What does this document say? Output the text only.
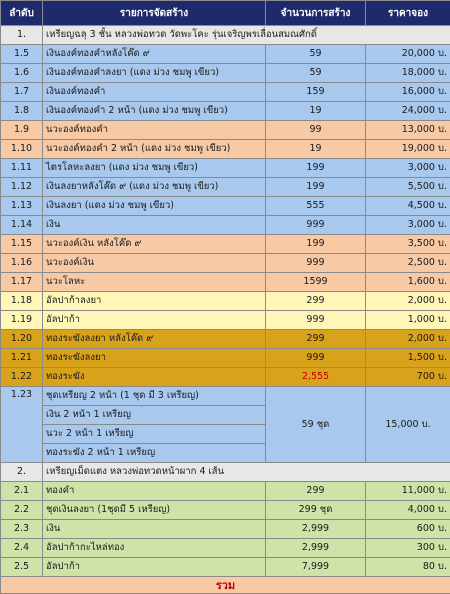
ลำดับ	รายการจัดสร้าง	จำนวนการสร้าง	ราคาจอง
1.	เหรียญฉลุ 3 ชั้น หลวงพ่อทวด วัดพะโคะ รุ่นเจริญพรเลื่อนสมณศักดิ์		
1.5	เงินองค์ทองคำหลังโค๊ด ๙	59	20,000 บ.
1.6	เงินองค์ทองคำลงยา (แดง ม่วง ชมพู เขียว)	59	18,000 บ.
1.7	เงินองค์ทองคำ	159	16,000 บ.
1.8	เงินองค์ทองคำ 2 หน้า (แดง ม่วง ชมพู เขียว)	19	24,000 บ.
1.9	นวะองค์ทองคำ	99	13,000 บ.
1.10	นวะองค์ทองคำ 2 หน้า (แดง ม่วง ชมพู เขียว)	19	19,000 บ.
1.11	ไตรโลหะลงยา (แดง ม่วง ชมพู เขียว)	199	3,000 บ.
1.12	เงินลงยาหลังโค๊ด ๙ (แดง ม่วง ชมพู เขียว)	199	5,500 บ.
1.13	เงินลงยา (แดง ม่วง ชมพู เขียว)	555	4,500 บ.
1.14	เงิน	999	3,000 บ.
1.15	นวะองค์เงิน หลังโค๊ด ๙	199	3,500 บ.
1.16	นวะองค์เงิน	999	2,500 บ.
1.17	นวะโลหะ	1599	1,600 บ.
1.18	อัลปาก้าลงยา	299	2,000 บ.
1.19	อัลปาก้า	999	1,000 บ.
1.20	ทองระฆังลงยา หลังโค๊ด ๙	299	2,000 บ.
1.21	ทองระฆังลงยา	999	1,500 บ.
1.22	ทองระฆัง	2,555	700 บ.
1.23	ชุดเหรียญ 2 หน้า (1 ชุด มี 3 เหรียญ)	59 ชุด	15,000 บ.
	เงิน 2 หน้า 1 เหรียญ		
	นวะ 2 หน้า 1 เหรียญ		
	ทองระฆัง 2 หน้า 1 เหรียญ		
2.	เหรียญเม็ดแตง หลวงพ่อทวดหน้าผาก 4 เส้น		
2.1	ทองคำ	299	11,000 บ.
2.2	ชุดเงินลงยา (1ชุดมี 5 เหรียญ)	299 ชุด	4,000 บ.
2.3	เงิน	2,999	600 บ.
2.4	อัลปาก้ากะไหล่ทอง	2,999	300 บ.
2.5	อัลปาก้า	7,999	80 บ.
รวม			
